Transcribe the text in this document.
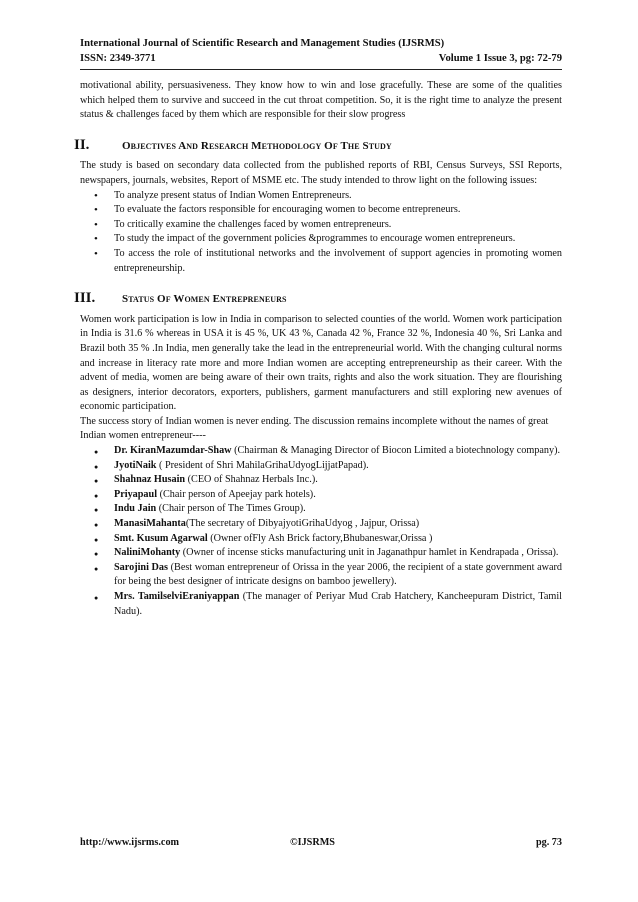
International Journal of Scientific Research and Management Studies (IJSRMS)
ISSN: 2349-3771	Volume 1 Issue 3, pg: 72-79

motivational ability, persuasiveness. They know how to win and lose gracefully. These are some of the qualities which helped them to survive and succeed in the cut throat competition. So, it is the right time to analyze the present status & challenges faced by them which are responsible for their slow progress

II.	Objectives And Research Methodology Of The Study

The study is based on secondary data collected from the published reports of RBI, Census Surveys, SSI Reports, newspapers, journals, websites, Report of MSME etc. The study intended to throw light on the following issues:

• To analyze present status of Indian Women Entrepreneurs.
• To evaluate the factors responsible for encouraging women to become entrepreneurs.
• To critically examine the challenges faced by women entrepreneurs.
• To study the impact of the government policies &programmes to encourage women entrepreneurs.
• To access the role of institutional networks and the involvement of support agencies in promoting women entrepreneurship.
III.	Status Of Women Entrepreneurs

Women work participation is low in India in comparison to selected counties of the world. Women work participation in India is 31.6 % whereas in USA it is 45 %, UK 43 %, Canada 42 %, France 32 %, Indonesia 40 %, Sri Lanka and Brazil both 35 % .In India, men generally take the lead in the entrepreneurial world. With the changing cultural norms and increase in literacy rate more and more Indian women are accepting entrepreneurship as their career. With the advent of media, women are being aware of their own traits, rights and also the work situation. They are flourishing as designers, interior decorators, exporters, publishers, garment manufacturers and still exploring new avenues of economic participation.

The success story of Indian women is never ending. The discussion remains incomplete without the names of great Indian women entrepreneur----

● Dr. KiranMazumdar-Shaw (Chairman & Managing Director of Biocon Limited a biotechnology company).
● JyotiNaik ( President of Shri MahilaGrihaUdyogLijjatPapad).
● Shahnaz Husain (CEO of Shahnaz Herbals Inc.).
● Priyapaul (Chair person of Apeejay park hotels).
● Indu Jain (Chair person of The Times Group).
● ManasiMahanta(The secretary of DibyajyotiGrihaUdyog , Jajpur, Orissa)
● Smt. Kusum Agarwal (Owner ofFly Ash Brick factory,Bhubaneswar,Orissa )
● NaliniMohanty (Owner of incense sticks manufacturing unit in Jaganathpur hamlet in Kendrapada , Orissa).
● Sarojini Das (Best woman entrepreneur of Orissa in the year 2006, the recipient of a state government award for being the best designer of intricate designs on bamboo jewellery).
● Mrs. TamilselviEraniyappan (The manager of Periyar Mud Crab Hatchery, Kancheepuram District, Tamil Nadu).
http://www.ijsrms.com	©IJSRMS	pg. 73
